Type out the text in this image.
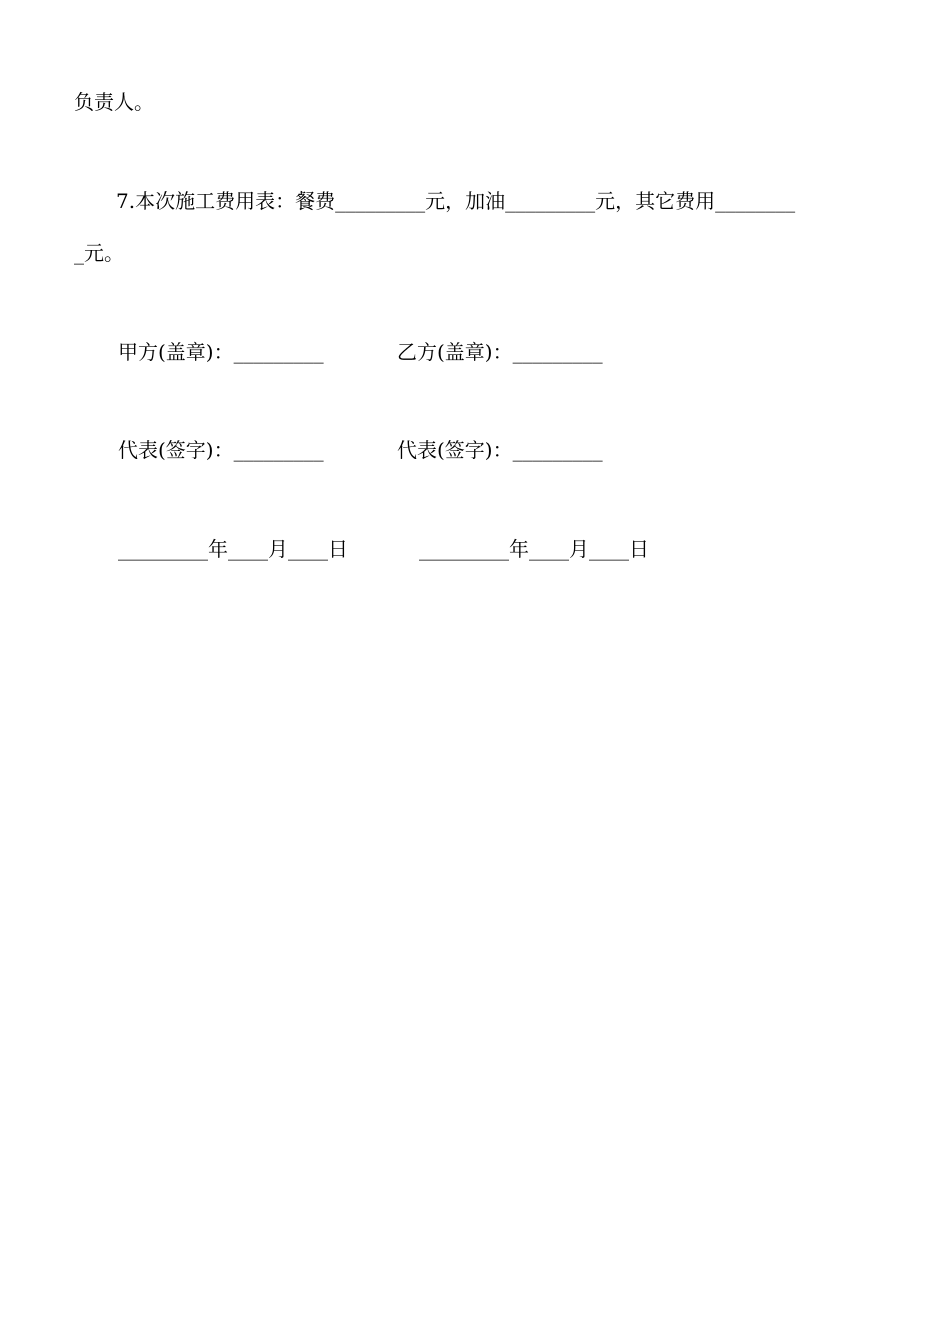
负责人。
7.本次施工费用表：餐费_________元，加油_________元，其它费用________
_元。
甲方(盖章)：_________	乙方(盖章)：_________
代表(签字)：_________	代表(签字)：_________
_________年____月____日	_________年____月____日
